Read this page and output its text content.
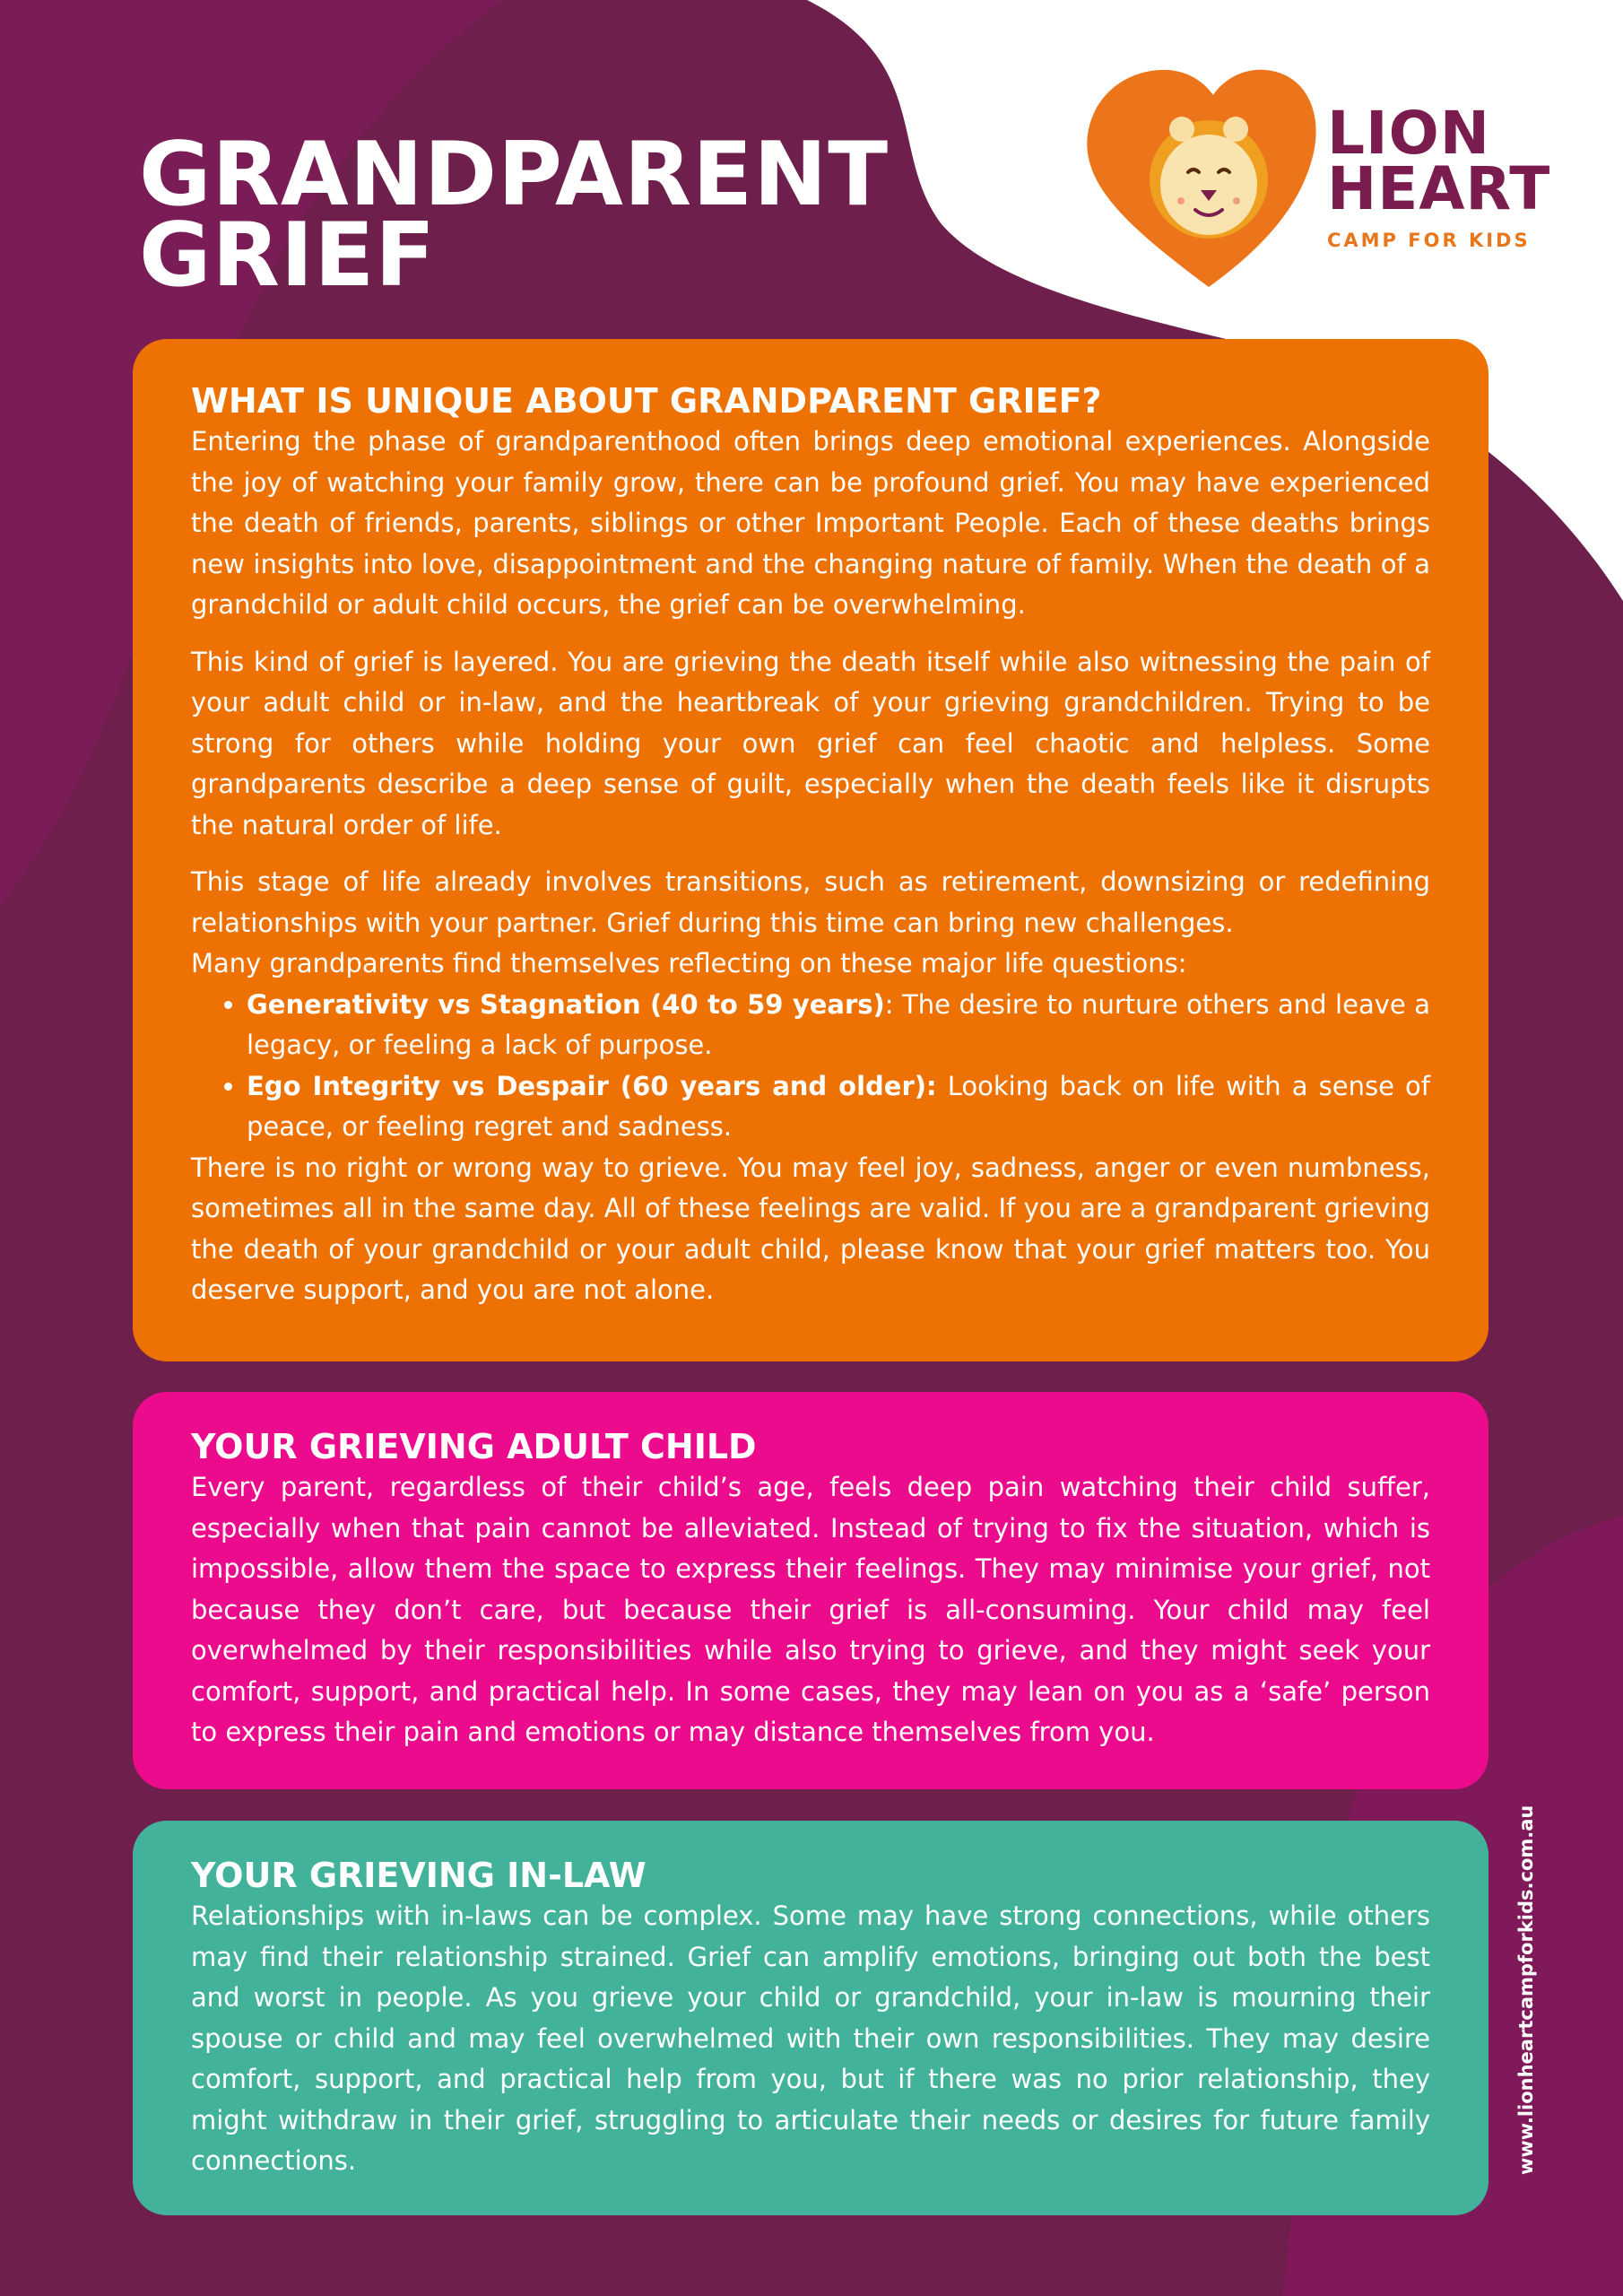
GRANDPARENT
GRIEF
LION
HEART
CAMP FOR KIDS
WHAT IS UNIQUE ABOUT GRANDPARENT GRIEF?

Entering the phase of grandparenthood often brings deep emotional experiences. Alongside the joy of watching your family grow, there can be profound grief. You may have experienced the death of friends, parents, siblings or other Important People. Each of these deaths brings new insights into love, disappointment and the changing nature of family. When the death of a grandchild or adult child occurs, the grief can be overwhelming.

This kind of grief is layered. You are grieving the death itself while also witnessing the pain of your adult child or in-law, and the heartbreak of your grieving grandchildren. Trying to be strong for others while holding your own grief can feel chaotic and helpless. Some grandparents describe a deep sense of guilt, especially when the death feels like it disrupts the natural order of life.

This stage of life already involves transitions, such as retirement, downsizing or redefining relationships with your partner. Grief during this time can bring new challenges.

Many grandparents find themselves reflecting on these major life questions:

• Generativity vs Stagnation (40 to 59 years): The desire to nurture others and leave a legacy, or feeling a lack of purpose.
• Ego Integrity vs Despair (60 years and older): Looking back on life with a sense of peace, or feeling regret and sadness.

There is no right or wrong way to grieve. You may feel joy, sadness, anger or even numbness, sometimes all in the same day. All of these feelings are valid. If you are a grandparent grieving the death of your grandchild or your adult child, please know that your grief matters too. You deserve support, and you are not alone.

YOUR GRIEVING ADULT CHILD

Every parent, regardless of their child’s age, feels deep pain watching their child suffer, especially when that pain cannot be alleviated. Instead of trying to fix the situation, which is impossible, allow them the space to express their feelings. They may minimise your grief, not because they don’t care, but because their grief is all-consuming. Your child may feel overwhelmed by their responsibilities while also trying to grieve, and they might seek your comfort, support, and practical help. In some cases, they may lean on you as a ‘safe’ person to express their pain and emotions or may distance themselves from you.

YOUR GRIEVING IN-LAW

Relationships with in-laws can be complex. Some may have strong connections, while others may find their relationship strained. Grief can amplify emotions, bringing out both the best and worst in people. As you grieve your child or grandchild, your in-law is mourning their spouse or child and may feel overwhelmed with their own responsibilities. They may desire comfort, support, and practical help from you, but if there was no prior relationship, they might withdraw in their grief, struggling to articulate their needs or desires for future family connections.	www.lionheartcampforkids.com.au
